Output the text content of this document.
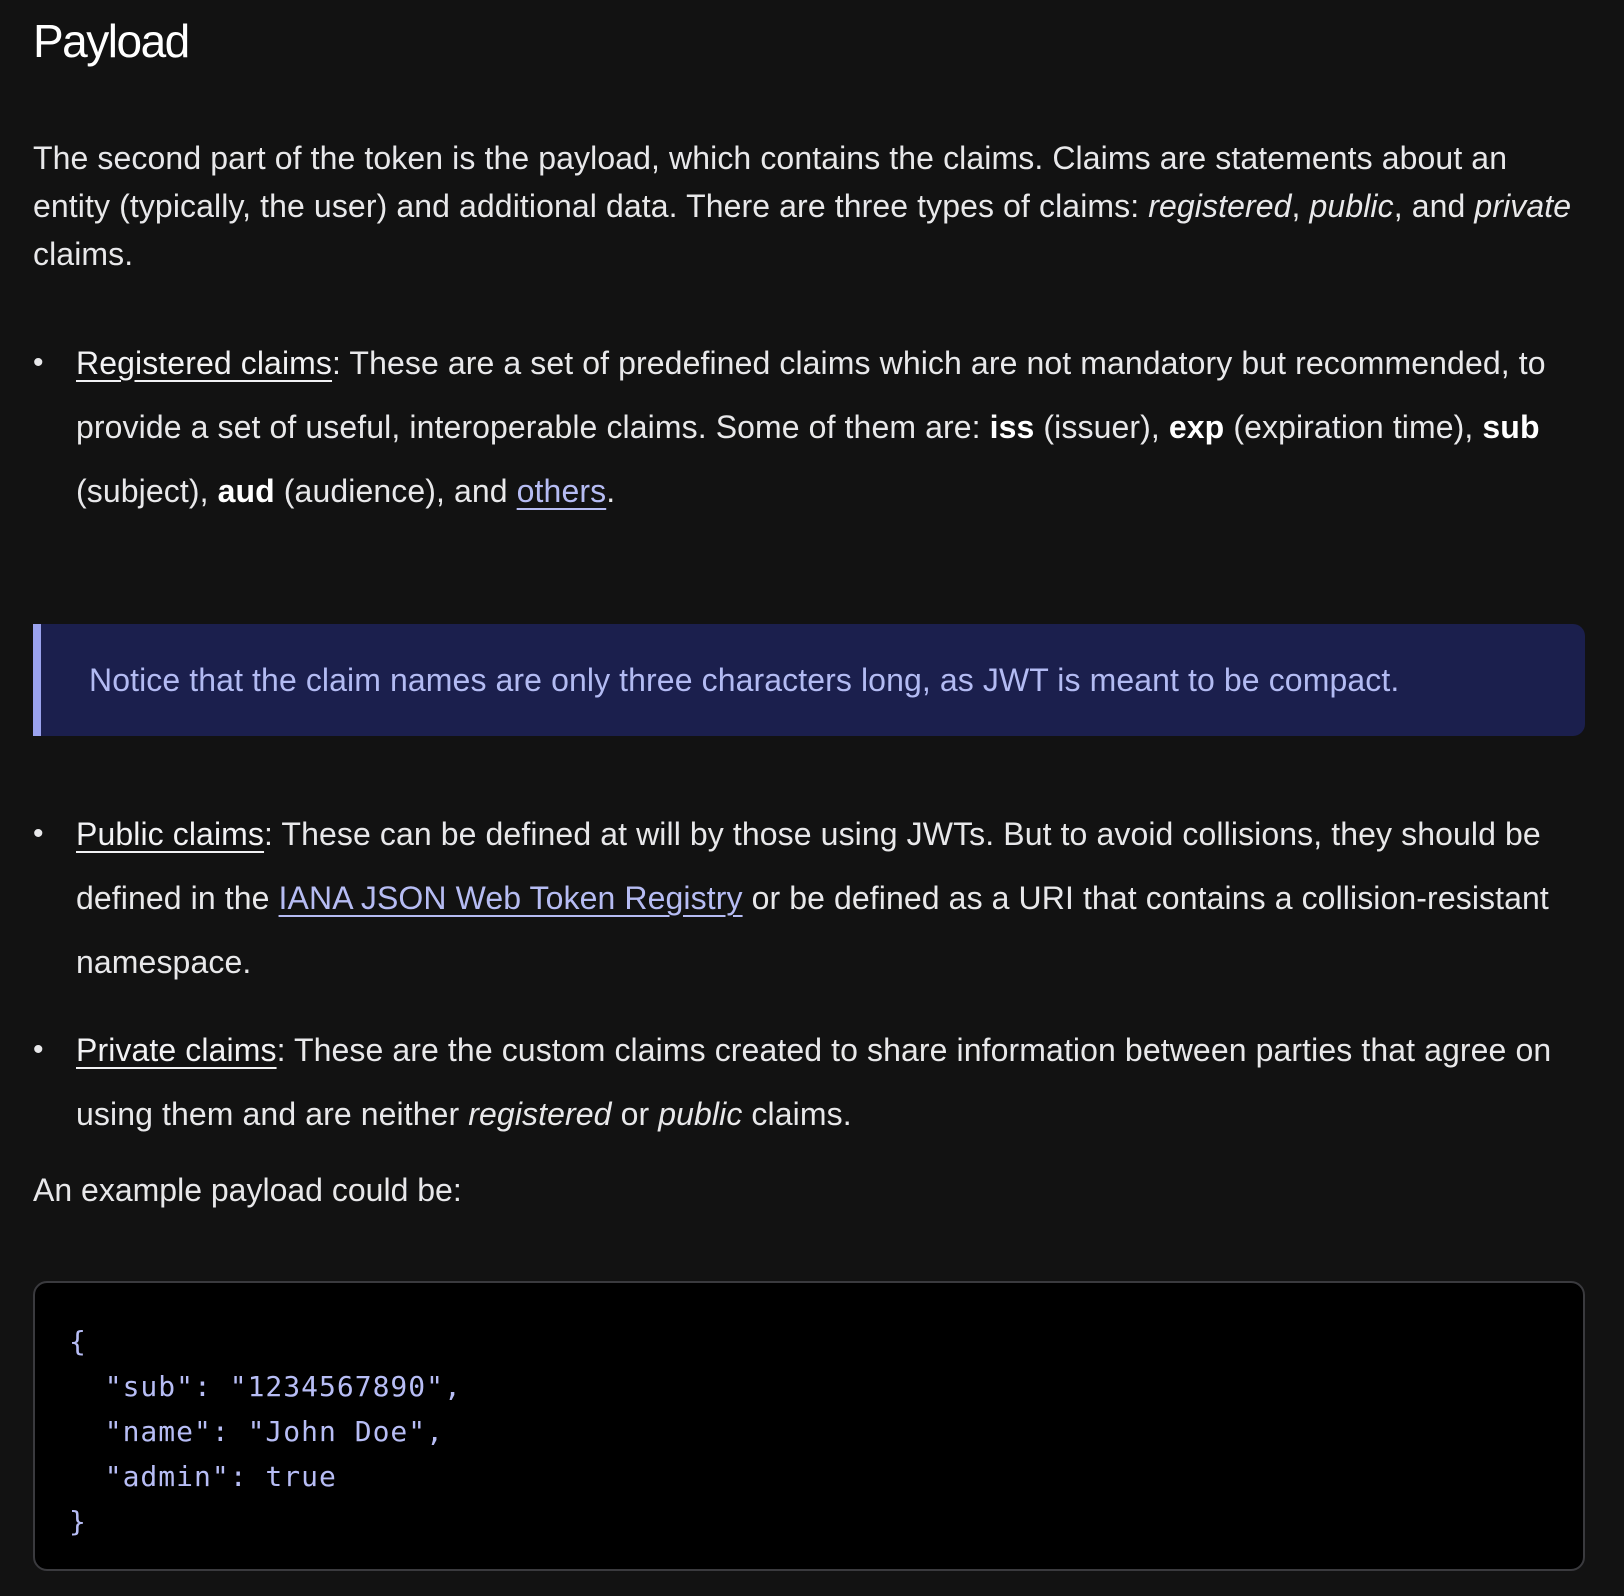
Payload

The second part of the token is the payload, which contains the claims. Claims are statements about an entity (typically, the user) and additional data. There are three types of claims: registered, public, and private claims.

• Registered claims: These are a set of predefined claims which are not mandatory but recommended, to provide a set of useful, interoperable claims. Some of them are: iss (issuer), exp (expiration time), sub (subject), aud (audience), and others.
Notice that the claim names are only three characters long, as JWT is meant to be compact.
• Public claims: These can be defined at will by those using JWTs. But to avoid collisions, they should be defined in the IANA JSON Web Token Registry or be defined as a URI that contains a collision-resistant namespace.
• Private claims: These are the custom claims created to share information between parties that agree on using them and are neither registered or public claims.

An example payload could be:

{
"sub": "1234567890",
"name": "John Doe",
"admin": true
}
